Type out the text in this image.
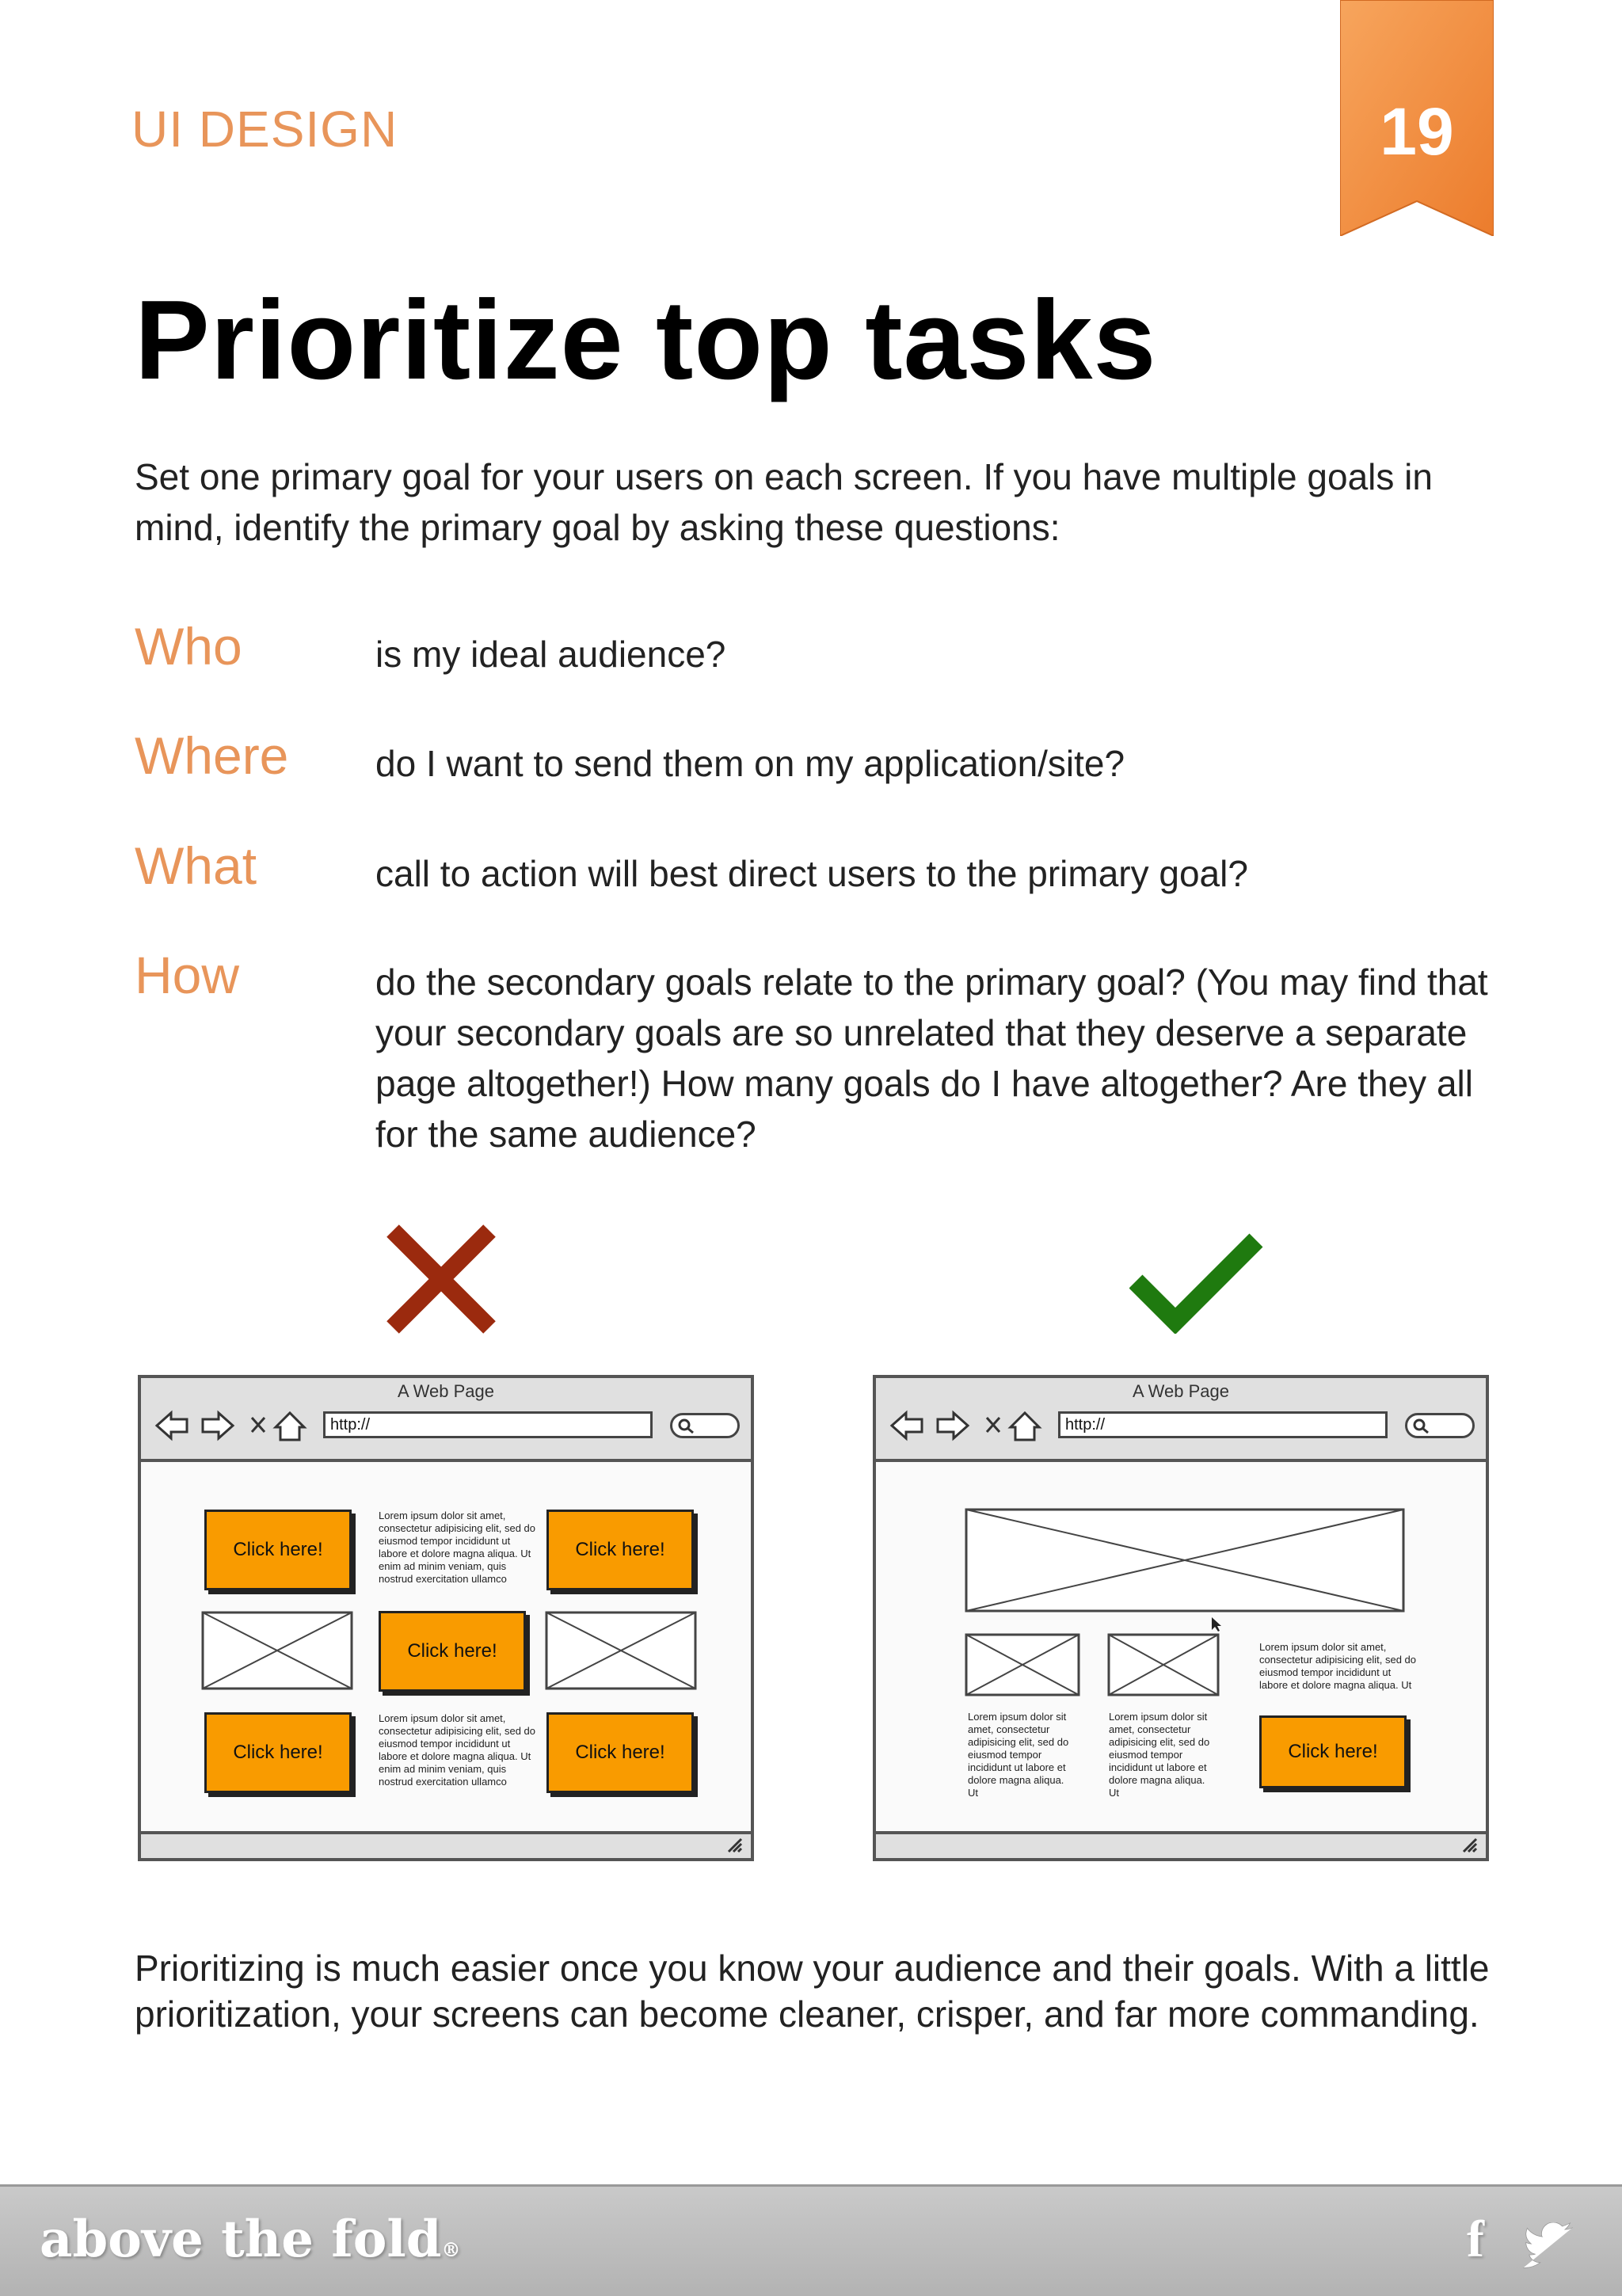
UI DESIGN	19
Prioritize top tasks
Set one primary goal for your users on each screen. If you have multiple goals in mind, identify the primary goal by asking these questions:
Who	is my ideal audience?
Where do I want to send them on my application/site?
What	call to action will best direct users to the primary goal?
How	do the secondary goals relate to the primary goal? (You may find that your secondary goals are so unrelated that they deserve a separate page altogether!) How many goals do I have altogether? Are they all for the same audience?
A Web Page
http://
Click here!
Lorem ipsum dolor sit amet, consectetur adipisicing elit, sed do eiusmod tempor incididunt ut labore et dolore magna aliqua. Ut enim ad minim veniam, quis nostrud exercitation ullamco
Click here!
Click here!
Click here!
Lorem ipsum dolor sit amet, consectetur adipisicing elit, sed do eiusmod tempor incididunt ut labore et dolore magna aliqua. Ut enim ad minim veniam, quis nostrud exercitation ullamco
Click here!
A Web Page
http://
Lorem ipsum dolor sit amet, consectetur adipisicing elit, sed do eiusmod tempor incididunt ut labore et dolore magna aliqua. Ut
Lorem ipsum dolor sit amet, consectetur adipisicing elit, sed do eiusmod tempor incididunt ut labore et dolore magna aliqua. Ut
Lorem ipsum dolor sit amet, consectetur adipisicing elit, sed do eiusmod tempor incididunt ut labore et dolore magna aliqua. Ut
Click here!
Prioritizing is much easier once you know your audience and their goals. With a little prioritization, your screens can become cleaner, crisper, and far more commanding.
above the fold®	f
